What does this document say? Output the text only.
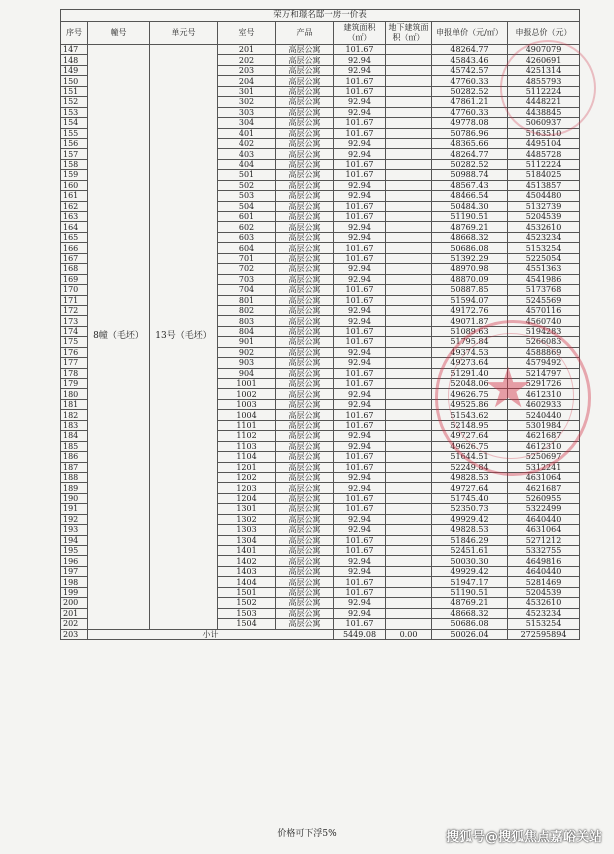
荣万和璟名邸一房一价表								
序号	幢号	单元号	室号	产品	建筑面积（㎡）	地下建筑面积（㎡）	申报单价（元/㎡）	申报总价（元）
147	8幢（毛坯）	13号（毛坯）	201	高层公寓	101.67		48264.77	4907079
148			202	高层公寓	92.94		45843.46	4260691
149			203	高层公寓	92.94		45742.57	4251314
150			204	高层公寓	101.67		47760.33	4855793
151			301	高层公寓	101.67		50282.52	5112224
152			302	高层公寓	92.94		47861.21	4448221
153			303	高层公寓	92.94		47760.33	4438845
154			304	高层公寓	101.67		49778.08	5060937
155			401	高层公寓	101.67		50786.96	5163510
156			402	高层公寓	92.94		48365.66	4495104
157			403	高层公寓	92.94		48264.77	4485728
158			404	高层公寓	101.67		50282.52	5112224
159			501	高层公寓	101.67		50988.74	5184025
160			502	高层公寓	92.94		48567.43	4513857
161			503	高层公寓	92.94		48466.54	4504480
162			504	高层公寓	101.67		50484.30	5132739
163			601	高层公寓	101.67		51190.51	5204539
164			602	高层公寓	92.94		48769.21	4532610
165			603	高层公寓	92.94		48668.32	4523234
166			604	高层公寓	101.67		50686.08	5153254
167			701	高层公寓	101.67		51392.29	5225054
168			702	高层公寓	92.94		48970.98	4551363
169			703	高层公寓	92.94		48870.09	4541986
170			704	高层公寓	101.67		50887.85	5173768
171			801	高层公寓	101.67		51594.07	5245569
172			802	高层公寓	92.94		49172.76	4570116
173			803	高层公寓	92.94		49071.87	4560740
174			804	高层公寓	101.67		51089.63	5194283
175			901	高层公寓	101.67		51795.84	5266083
176			902	高层公寓	92.94		49374.53	4588869
177			903	高层公寓	92.94		49273.64	4579492
178			904	高层公寓	101.67		51291.40	5214797
179			1001	高层公寓	101.67		52048.06	5291726
180			1002	高层公寓	92.94		49626.75	4612310
181			1003	高层公寓	92.94		49525.86	4602933
182			1004	高层公寓	101.67		51543.62	5240440
183			1101	高层公寓	101.67		52148.95	5301984
184			1102	高层公寓	92.94		49727.64	4621687
185			1103	高层公寓	92.94		49626.75	4612310
186			1104	高层公寓	101.67		51644.51	5250697
187			1201	高层公寓	101.67		52249.84	5312241
188			1202	高层公寓	92.94		49828.53	4631064
189			1203	高层公寓	92.94		49727.64	4621687
190			1204	高层公寓	101.67		51745.40	5260955
191			1301	高层公寓	101.67		52350.73	5322499
192			1302	高层公寓	92.94		49929.42	4640440
193			1303	高层公寓	92.94		49828.53	4631064
194			1304	高层公寓	101.67		51846.29	5271212
195			1401	高层公寓	101.67		52451.61	5332755
196			1402	高层公寓	92.94		50030.30	4649816
197			1403	高层公寓	92.94		49929.42	4640440
198			1404	高层公寓	101.67		51947.17	5281469
199			1501	高层公寓	101.67		51190.51	5204539
200			1502	高层公寓	92.94		48769.21	4532610
201			1503	高层公寓	92.94		48668.32	4523234
202			1504	高层公寓	101.67		50686.08	5153254
203	小计				5449.08	0.00	50026.04	272595894
★
价格可下浮5%	搜狐号@搜狐焦点嘉峪关站
